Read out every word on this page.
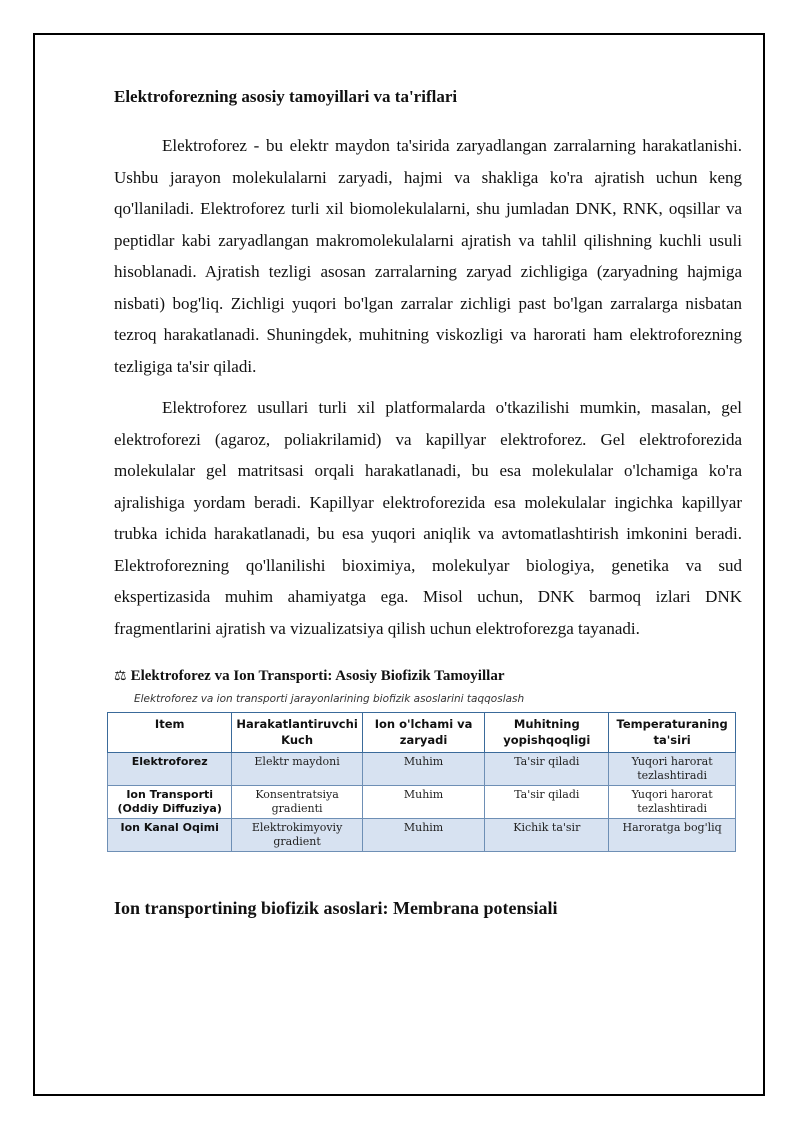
Elektroforezning asosiy tamoyillari va ta'riflari

Elektroforez - bu elektr maydon ta'sirida zaryadlangan zarralarning harakatlanishi. Ushbu jarayon molekulalarni zaryadi, hajmi va shakliga ko'ra ajratish uchun keng qo'llaniladi. Elektroforez turli xil biomolekulalarni, shu jumladan DNK, RNK, oqsillar va peptidlar kabi zaryadlangan makromolekulalarni ajratish va tahlil qilishning kuchli usuli hisoblanadi. Ajratish tezligi asosan zarralarning zaryad zichligiga (zaryadning hajmiga nisbati) bog'liq. Zichligi yuqori bo'lgan zarralar zichligi past bo'lgan zarralarga nisbatan tezroq harakatlanadi. Shuningdek, muhitning viskozligi va harorati ham elektroforezning tezligiga ta'sir qiladi.

Elektroforez usullari turli xil platformalarda o'tkazilishi mumkin, masalan, gel elektroforezi (agaroz, poliakrilamid) va kapillyar elektroforez. Gel elektroforezida molekulalar gel matritsasi orqali harakatlanadi, bu esa molekulalar o'lchamiga ko'ra ajralishiga yordam beradi. Kapillyar elektroforezida esa molekulalar ingichka kapillyar trubka ichida harakatlanadi, bu esa yuqori aniqlik va avtomatlashtirish imkonini beradi. Elektroforezning qo'llanilishi bioximiya, molekulyar biologiya, genetika va sud ekspertizasida muhim ahamiyatga ega. Misol uchun, DNK barmoq izlari DNK fragmentlarini ajratish va vizualizatsiya qilish uchun elektroforezga tayanadi.

⚖ Elektroforez va Ion Transporti: Asosiy Biofizik Tamoyillar
Elektroforez va ion transporti jarayonlarining biofizik asoslarini taqqoslash
Item	Harakatlantiruvchi Kuch	Ion o'lchami va zaryadi	Muhitning yopishqoqligi	Temperaturaning ta'siri
Elektroforez	Elektr maydoni	Muhim	Ta'sir qiladi	Yuqori harorat tezlashtiradi
Ion Transporti (Oddiy Diffuziya)	Konsentratsiya gradienti	Muhim	Ta'sir qiladi	Yuqori harorat tezlashtiradi
Ion Kanal Oqimi	Elektrokimyoviy gradient	Muhim	Kichik ta'sir	Haroratga bog'liq
Ion transportining biofizik asoslari: Membrana potensiali
